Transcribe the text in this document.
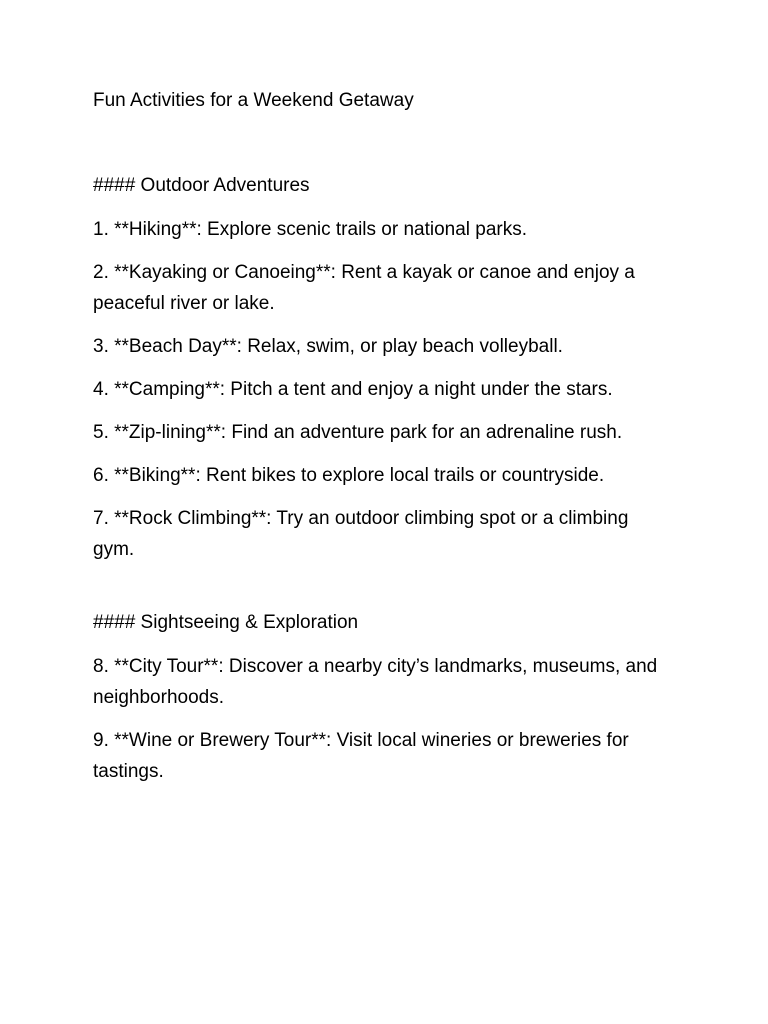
Fun Activities for a Weekend Getaway

#### Outdoor Adventures

1. **Hiking**: Explore scenic trails or national parks.

2. **Kayaking or Canoeing**: Rent a kayak or canoe and enjoy a peaceful river or lake.

3. **Beach Day**: Relax, swim, or play beach volleyball.

4. **Camping**: Pitch a tent and enjoy a night under the stars.

5. **Zip-lining**: Find an adventure park for an adrenaline rush.

6. **Biking**: Rent bikes to explore local trails or countryside.

7. **Rock Climbing**: Try an outdoor climbing spot or a climbing gym.

#### Sightseeing & Exploration

8. **City Tour**: Discover a nearby city’s landmarks, museums, and neighborhoods.

9. **Wine or Brewery Tour**: Visit local wineries or breweries for tastings.
